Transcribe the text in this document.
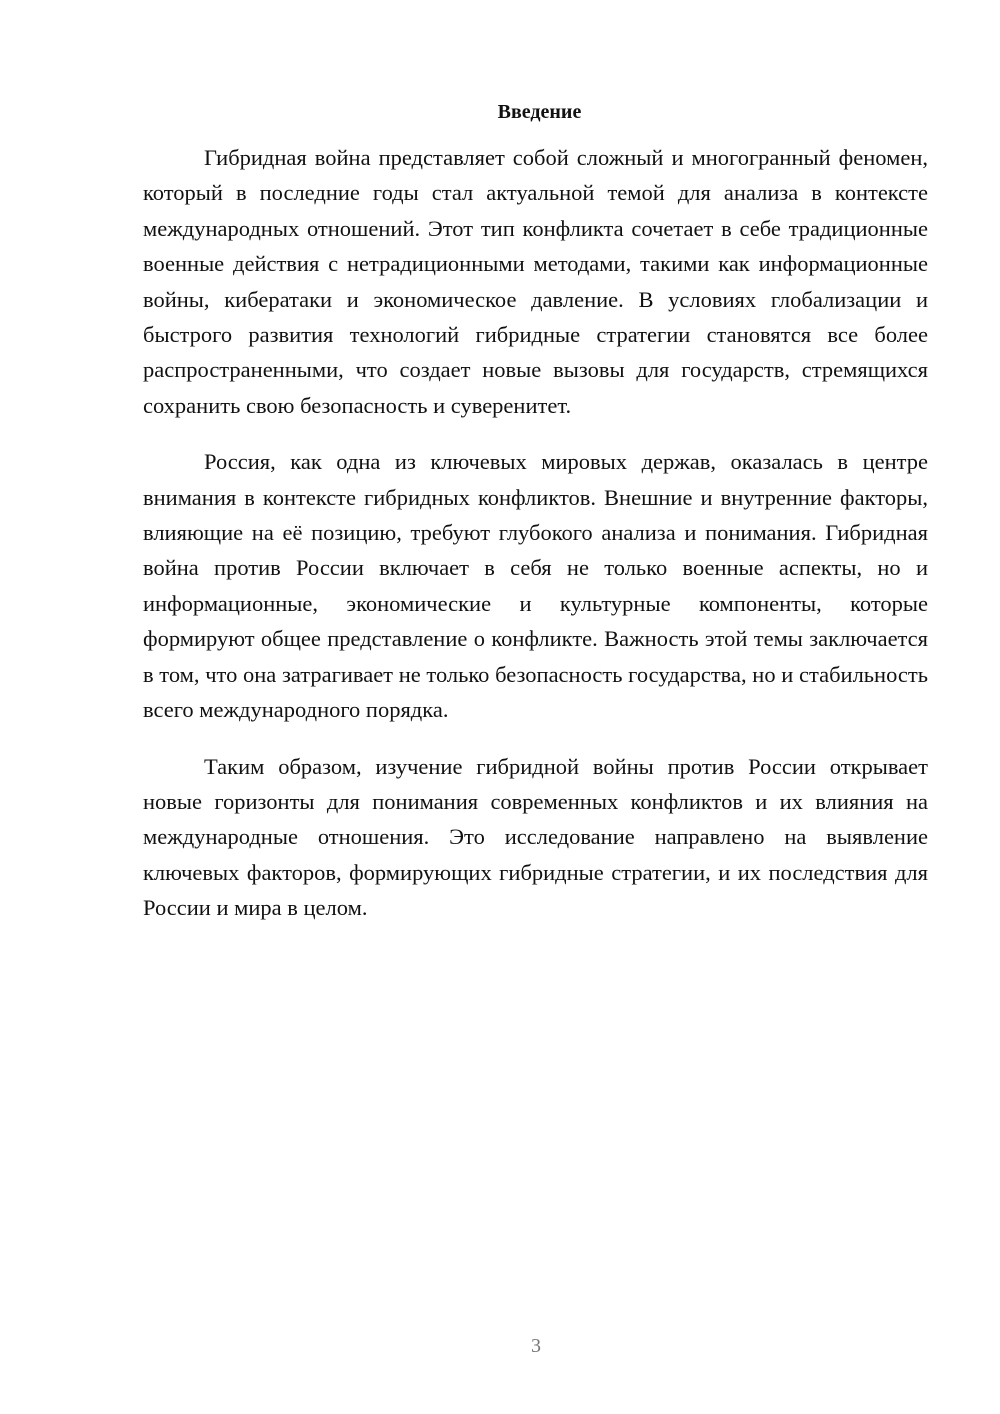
Введение

Гибридная война представляет собой сложный и многогранный феномен, который в последние годы стал актуальной темой для анализа в контексте международных отношений. Этот тип конфликта сочетает в себе традиционные военные действия с нетрадиционными методами, такими как информационные войны, кибератаки и экономическое давление. В условиях глобализации и быстрого развития технологий гибридные стратегии становятся все более распространенными, что создает новые вызовы для государств, стремящихся сохранить свою безопасность и суверенитет.

Россия, как одна из ключевых мировых держав, оказалась в центре внимания в контексте гибридных конфликтов. Внешние и внутренние факторы, влияющие на её позицию, требуют глубокого анализа и понимания. Гибридная война против России включает в себя не только военные аспекты, но и информационные, экономические и культурные компоненты, которые формируют общее представление о конфликте. Важность этой темы заключается в том, что она затрагивает не только безопасность государства, но и стабильность всего международного порядка.

Таким образом, изучение гибридной войны против России открывает новые горизонты для понимания современных конфликтов и их влияния на международные отношения. Это исследование направлено на выявление ключевых факторов, формирующих гибридные стратегии, и их последствия для России и мира в целом.

3
